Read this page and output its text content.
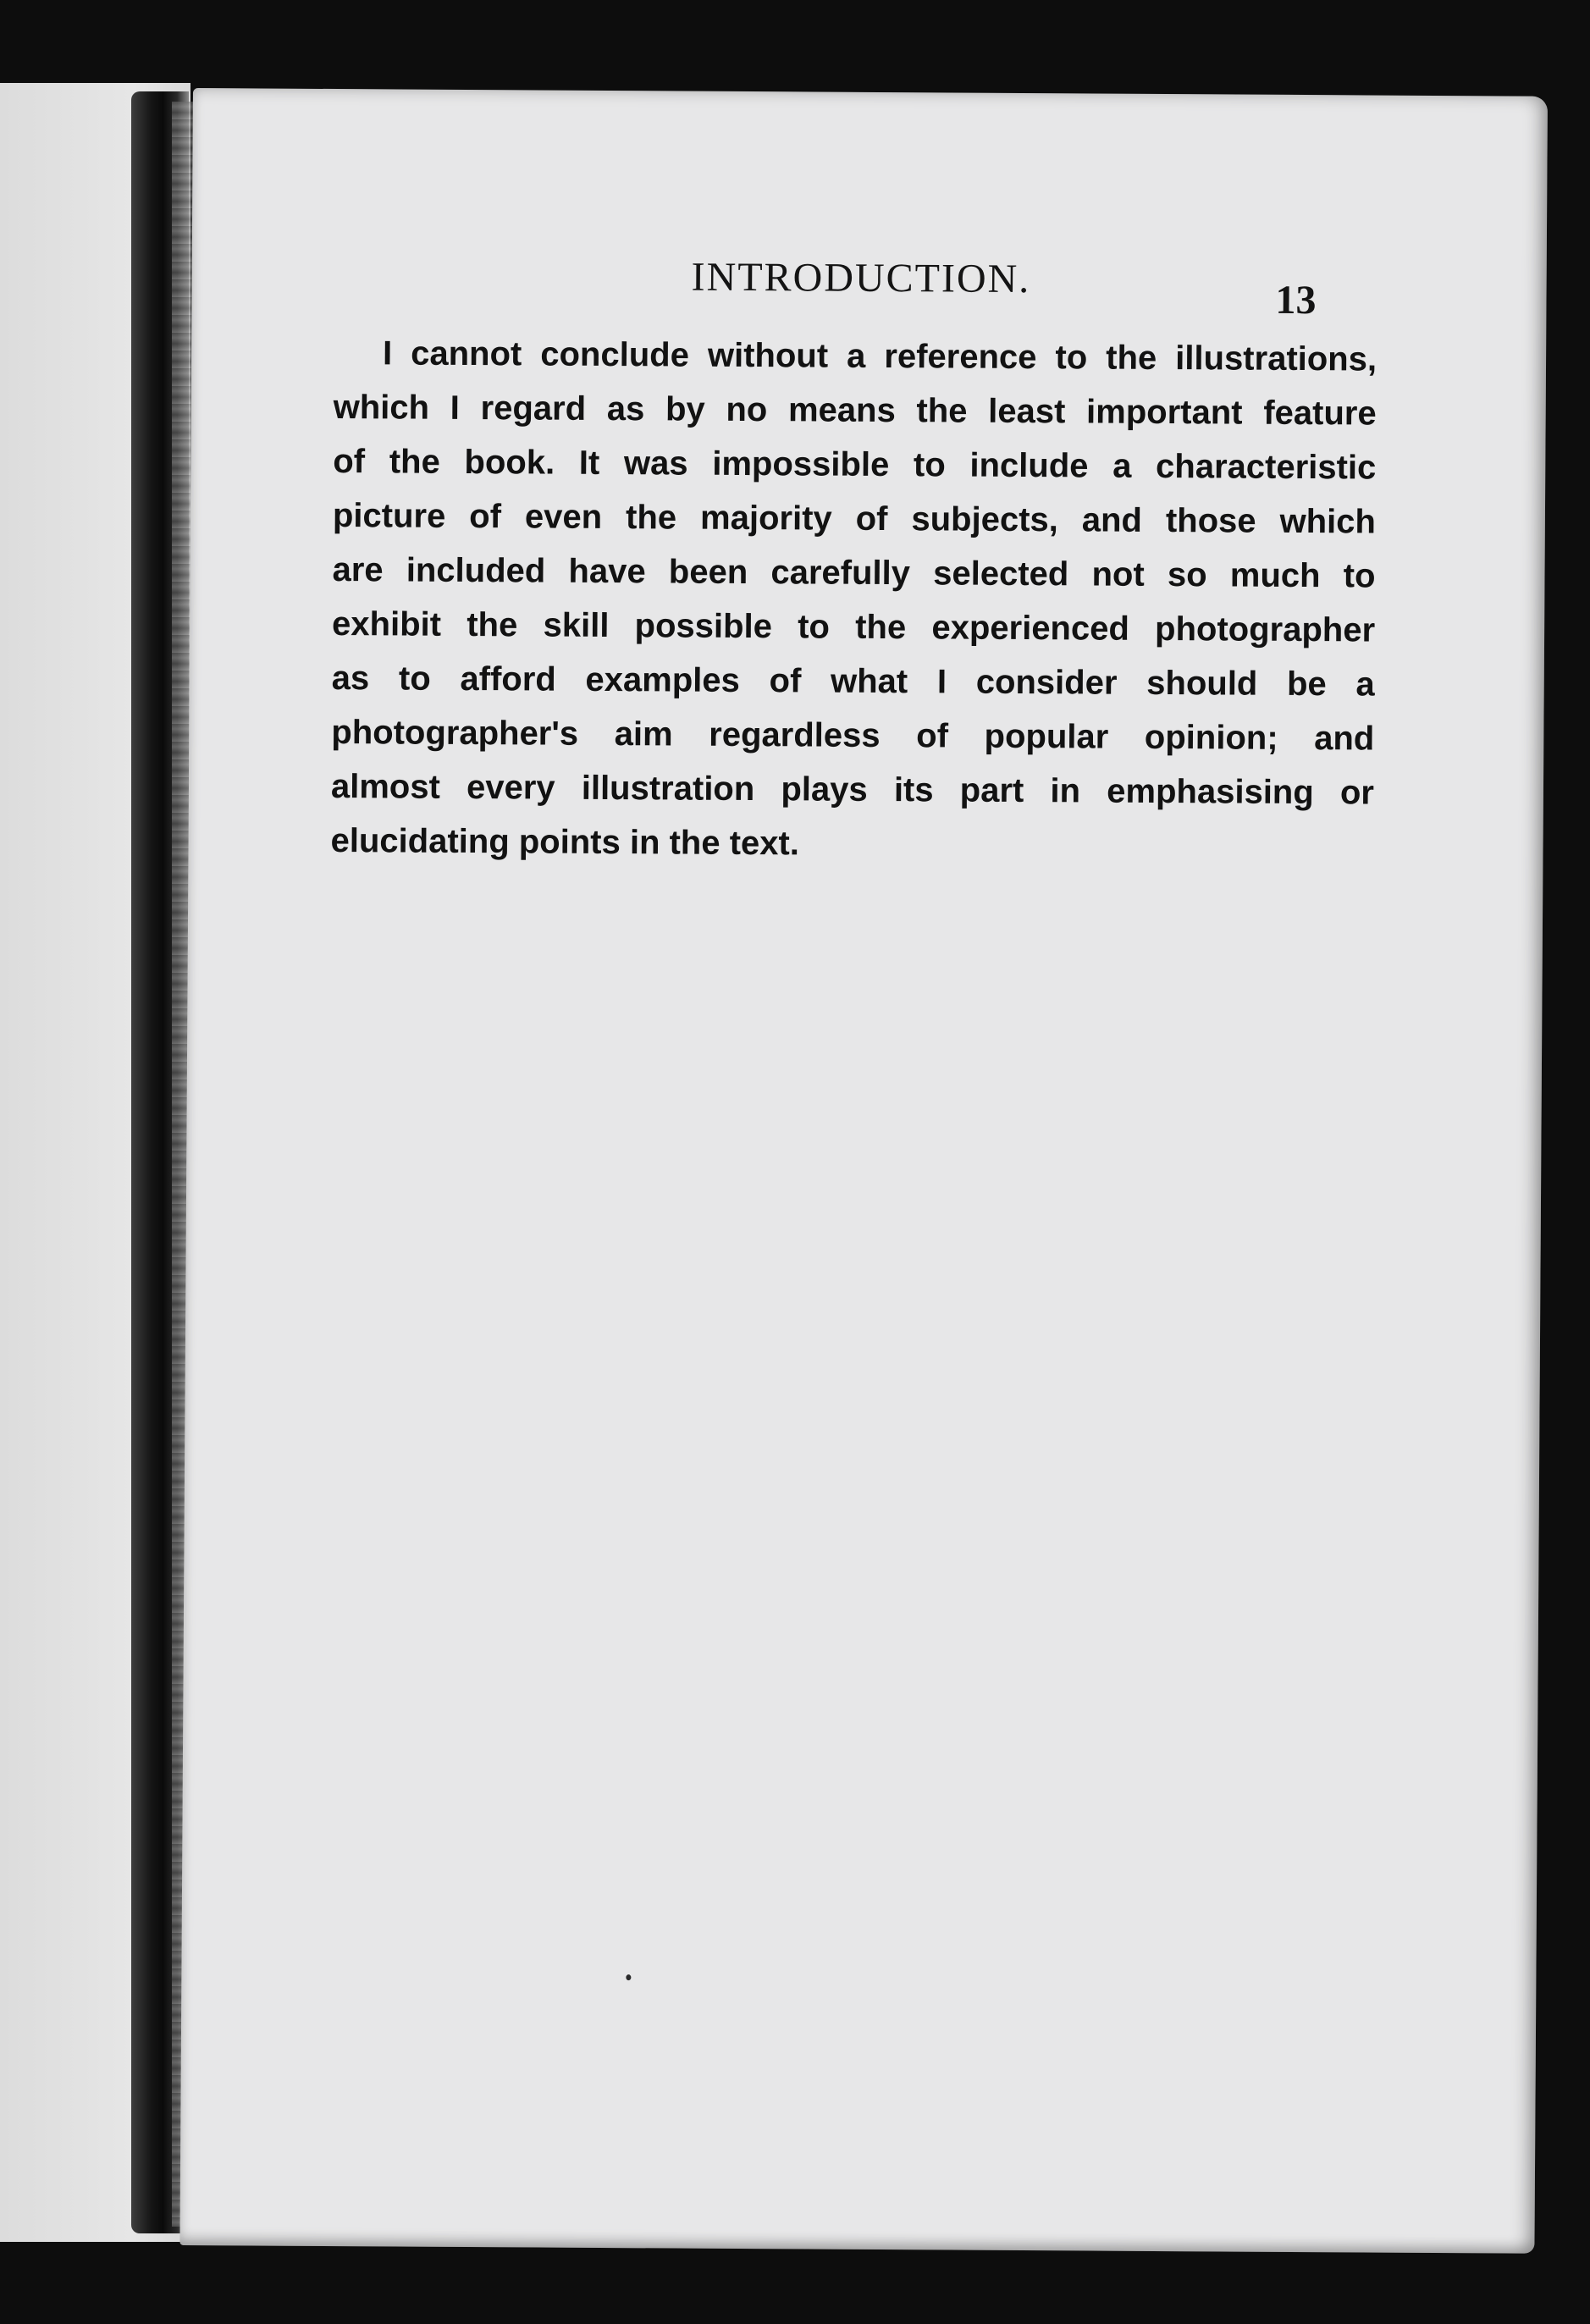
INTRODUCTION.	13
I cannot conclude without a reference to the illustrations,
which I regard as by no means the least important feature
of the book. It was impossible to include a characteristic
picture of even the majority of subjects, and those which
are included have been carefully selected not so much to
exhibit the skill possible to the experienced photographer
as to afford examples of what I consider should be a
photographer's aim regardless of popular opinion; and
almost every illustration plays its part in emphasising or
elucidating points in the text.
